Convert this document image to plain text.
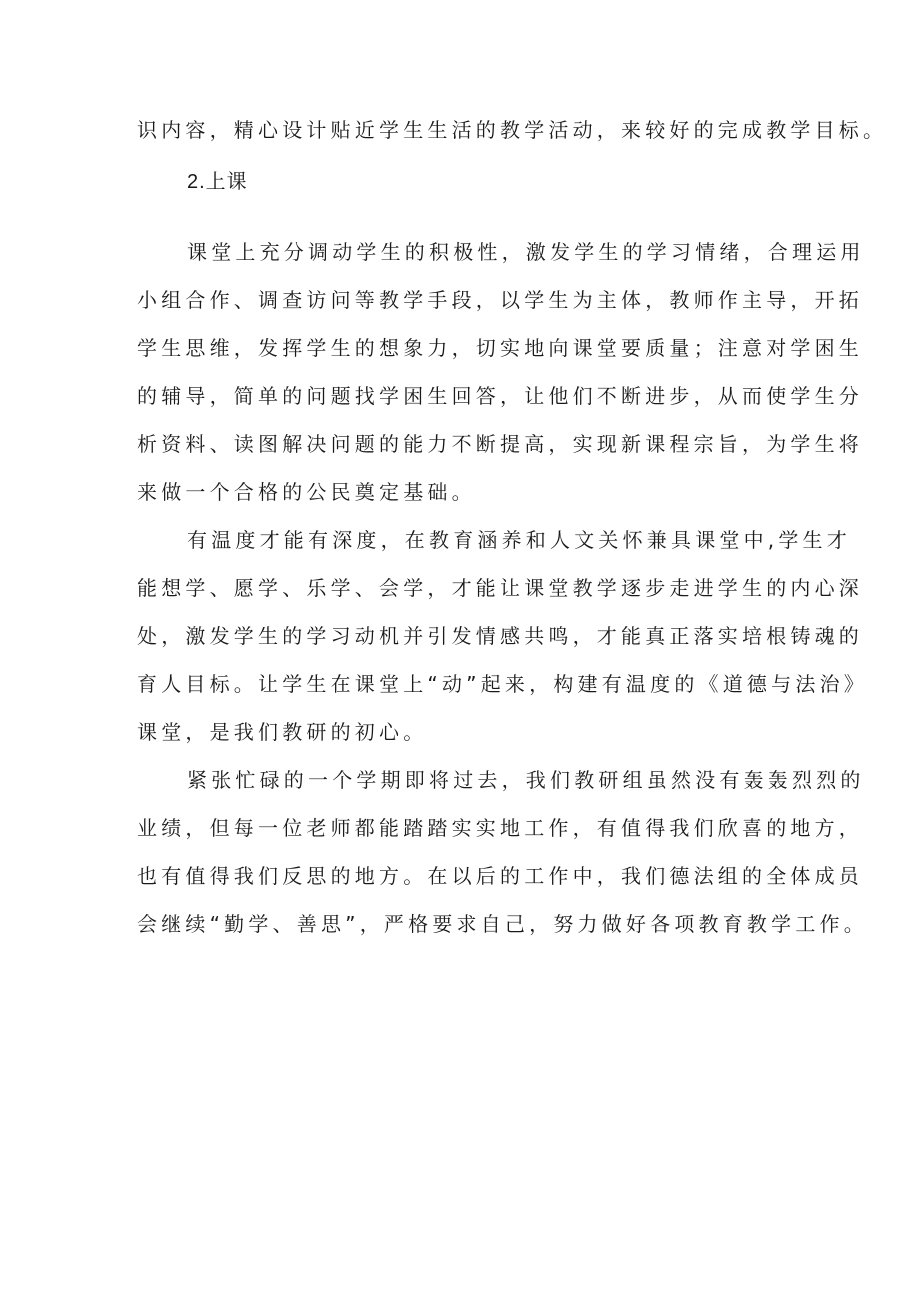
识内容，精心设计贴近学生生活的教学活动，来较好的完成教学目标。
2.上课
课堂上充分调动学生的积极性，激发学生的学习情绪，合理运用
小组合作、调查访问等教学手段，以学生为主体，教师作主导，开拓
学生思维，发挥学生的想象力，切实地向课堂要质量；注意对学困生
的辅导，简单的问题找学困生回答，让他们不断进步，从而使学生分
析资料、读图解决问题的能力不断提高，实现新课程宗旨，为学生将
来做一个合格的公民奠定基础。
有温度才能有深度，在教育涵养和人文关怀兼具课堂中,学生才
能想学、愿学、乐学、会学，才能让课堂教学逐步走进学生的内心深
处，激发学生的学习动机并引发情感共鸣，才能真正落实培根铸魂的
育人目标。让学生在课堂上“动”起来，构建有温度的《道德与法治》
课堂，是我们教研的初心。
紧张忙碌的一个学期即将过去，我们教研组虽然没有轰轰烈烈的
业绩，但每一位老师都能踏踏实实地工作，有值得我们欣喜的地方，
也有值得我们反思的地方。在以后的工作中，我们德法组的全体成员
会继续“勤学、善思”，严格要求自己，努力做好各项教育教学工作。
